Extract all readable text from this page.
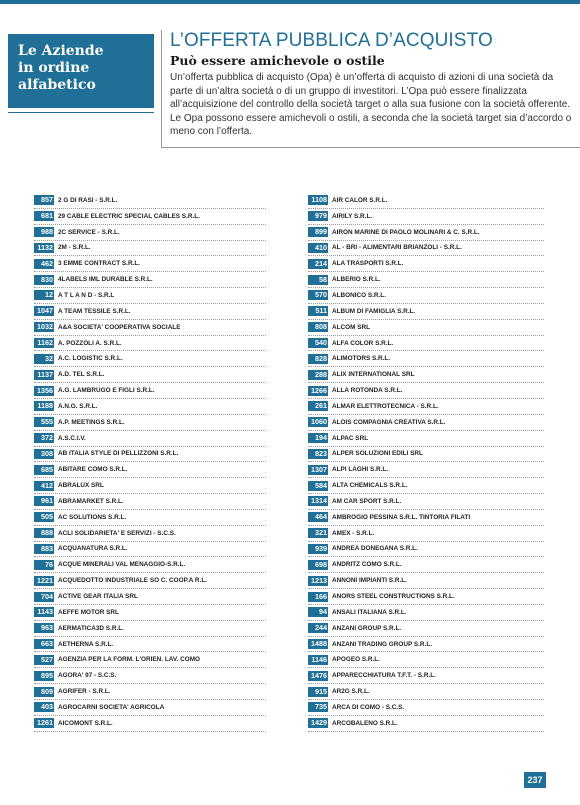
Le Aziende
in ordine
alfabetico
L’OFFERTA PUBBLICA D’ACQUISTO
Può essere amichevole o ostile

Un’offerta pubblica di acquisto (Opa) è un’offerta di acquisto di azioni di una società da parte di un’altra società o di un gruppo di investitori. L’Opa può essere finalizzata all’acquisizione del controllo della società target o alla sua fusione con la società offerente. Le Opa possono essere amichevoli o ostili, a seconda che la società target sia d’accordo o meno con l’offerta.

857 2 G DI RASI - S.R.L.
681 29 CABLE ELECTRIC SPECIAL CABLES S.R.L.
988 2C SERVICE - S.R.L.
1132 2M - S.R.L.
462 3 EMME CONTRACT S.R.L.
830 4LABELS IML DURABLE S.R.L.
12 A T L A N D - S.R.L
1047 A TEAM TESSILE S.R.L.
1032 A&A SOCIETA' COOPERATIVA SOCIALE
1162 A. POZZOLI A. S.R.L.
32 A.C. LOGISTIC S.R.L.
1137 A.D. TEL S.R.L.
1356 A.G. LAMBRUGO E FIGLI S.R.L.
1188 A.N.G. S.R.L.
555 A.P. MEETINGS S.R.L.
372 A.S.C.I.V.
308 AB ITALIA STYLE DI PELLIZZONI S.R.L.
685 ABITARE COMO S.R.L.
412 ABRALUX SRL
961 ABRAMARKET S.R.L.
505 AC SOLUTIONS S.R.L.
888 ACLI SOLIDARIETA' E SERVIZI - S.C.S.
883 ACQUANATURA S.R.L.
76 ACQUE MINERALI VAL MENAGGIO-S.R.L.
1221 ACQUEDOTTO INDUSTRIALE SO C. COOP.A R.L.
704 ACTIVE GEAR ITALIA SRL
1143 AEFFE MOTOR SRL
963 AERMATICA3D S.R.L.
663 AETHERNA S.R.L.
527 AGENZIA PER LA FORM. L'ORIEN. LAV. COMO
895 AGORA' 97 - S.C.S.
809 AGRIFER - S.R.L.
403 AGROCARNI SOCIETA' AGRICOLA
1261 AICOMONT S.R.L.
1108 AIR CALOR S.R.L.
979 AIRILY S.R.L.
899 AIRON MARINE DI PAOLO MOLINARI & C. S.R.L.
410 AL - BRI - ALIMENTARI BRIANZOLI - S.R.L.
214 ALA TRASPORTI S.R.L.
58 ALBERIO S.R.L.
570 ALBONICO S.R.L.
511 ALBUM DI FAMIGLIA S.R.L.
808 ALCOM SRL
540 ALFA COLOR S.R.L.
828 ALIMOTORS S.R.L.
288 ALIX INTERNATIONAL SRL
1266 ALLA ROTONDA S.R.L.
261 ALMAR ELETTROTECNICA - S.R.L.
1060 ALOIS COMPAGNIA CREATIVA S.R.L.
194 ALPAC SRL
823 ALPER SOLUZIONI EDILI SRL
1307 ALPI LAGHI S.R.L.
584 ALTA CHEMICALS S.R.L.
1314 AM CAR SPORT S.R.L.
464 AMBROGIO PESSINA S.R.L. TINTORIA FILATI
321 AMEX - S.R.L.
939 ANDREA DONEGANA S.R.L.
698 ANDRITZ COMO S.R.L.
1213 ANNONI IMPIANTI S.R.L.
166 ANORS STEEL CONSTRUCTIONS S.R.L.
94 ANSALI ITALIANA S.R.L.
244 ANZANI GROUP S.R.L.
1488 ANZANI TRADING GROUP S.R.L.
1146 APOGEO S.R.L.
1476 APPARECCHIATURA T.F.T. - S.R.L.
915 AR2G S.R.L.
735 ARCA DI COMO - S.C.S.
1429 ARCOBALENO S.R.L.
237
